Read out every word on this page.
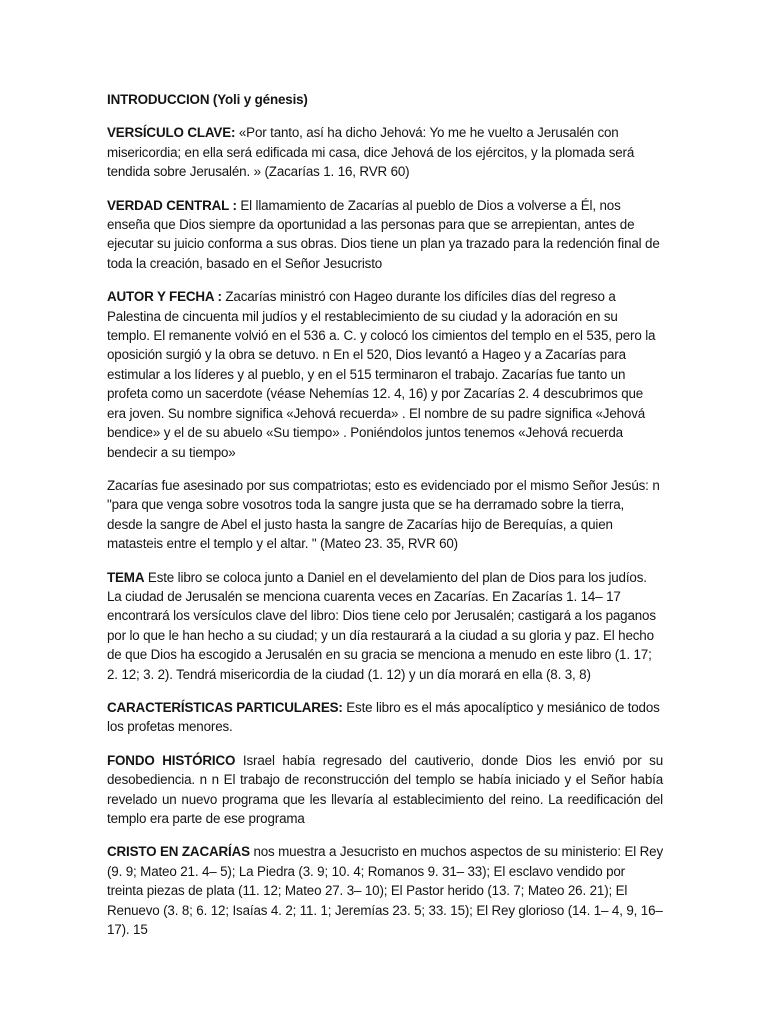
INTRODUCCION (Yoli y génesis)

VERSÍCULO CLAVE: «Por tanto, así ha dicho Jehová: Yo me he vuelto a Jerusalén con misericordia; en ella será edificada mi casa, dice Jehová de los ejércitos, y la plomada será tendida sobre Jerusalén. » (Zacarías 1. 16, RVR 60)

VERDAD CENTRAL : El llamamiento de Zacarías al pueblo de Dios a volverse a Él, nos enseña que Dios siempre da oportunidad a las personas para que se arrepientan, antes de ejecutar su juicio conforma a sus obras. Dios tiene un plan ya trazado para la redención final de toda la creación, basado en el Señor Jesucristo

AUTOR Y FECHA : Zacarías ministró con Hageo durante los difíciles días del regreso a Palestina de cincuenta mil judíos y el restablecimiento de su ciudad y la adoración en su templo. El remanente volvió en el 536 a. C. y colocó los cimientos del templo en el 535, pero la oposición surgió y la obra se detuvo. n En el 520, Dios levantó a Hageo y a Zacarías para estimular a los líderes y al pueblo, y en el 515 terminaron el trabajo. Zacarías fue tanto un profeta como un sacerdote (véase Nehemías 12. 4, 16) y por Zacarías 2. 4 descubrimos que era joven. Su nombre significa «Jehová recuerda» . El nombre de su padre significa «Jehová bendice» y el de su abuelo «Su tiempo» . Poniéndolos juntos tenemos «Jehová recuerda bendecir a su tiempo»

Zacarías fue asesinado por sus compatriotas; esto es evidenciado por el mismo Señor Jesús: n "para que venga sobre vosotros toda la sangre justa que se ha derramado sobre la tierra, desde la sangre de Abel el justo hasta la sangre de Zacarías hijo de Berequías, a quien matasteis entre el templo y el altar. " (Mateo 23. 35, RVR 60)

TEMA Este libro se coloca junto a Daniel en el develamiento del plan de Dios para los judíos. La ciudad de Jerusalén se menciona cuarenta veces en Zacarías. En Zacarías 1. 14– 17 encontrará los versículos clave del libro: Dios tiene celo por Jerusalén; castigará a los paganos por lo que le han hecho a su ciudad; y un día restaurará a la ciudad a su gloria y paz. El hecho de que Dios ha escogido a Jerusalén en su gracia se menciona a menudo en este libro (1. 17; 2. 12; 3. 2). Tendrá misericordia de la ciudad (1. 12) y un día morará en ella (8. 3, 8)

CARACTERÍSTICAS PARTICULARES: Este libro es el más apocalíptico y mesiánico de todos los profetas menores.

FONDO HISTÓRICO Israel había regresado del cautiverio, donde Dios les envió por su desobediencia. n n El trabajo de reconstrucción del templo se había iniciado y el Señor había revelado un nuevo programa que les llevaría al establecimiento del reino. La reedificación del templo era parte de ese programa

CRISTO EN ZACARÍAS nos muestra a Jesucristo en muchos aspectos de su ministerio: El Rey (9. 9; Mateo 21. 4– 5); La Piedra (3. 9; 10. 4; Romanos 9. 31– 33); El esclavo vendido por treinta piezas de plata (11. 12; Mateo 27. 3– 10); El Pastor herido (13. 7; Mateo 26. 21); El Renuevo (3. 8; 6. 12; Isaías 4. 2; 11. 1; Jeremías 23. 5; 33. 15); El Rey glorioso (14. 1– 4, 9, 16– 17). 15
